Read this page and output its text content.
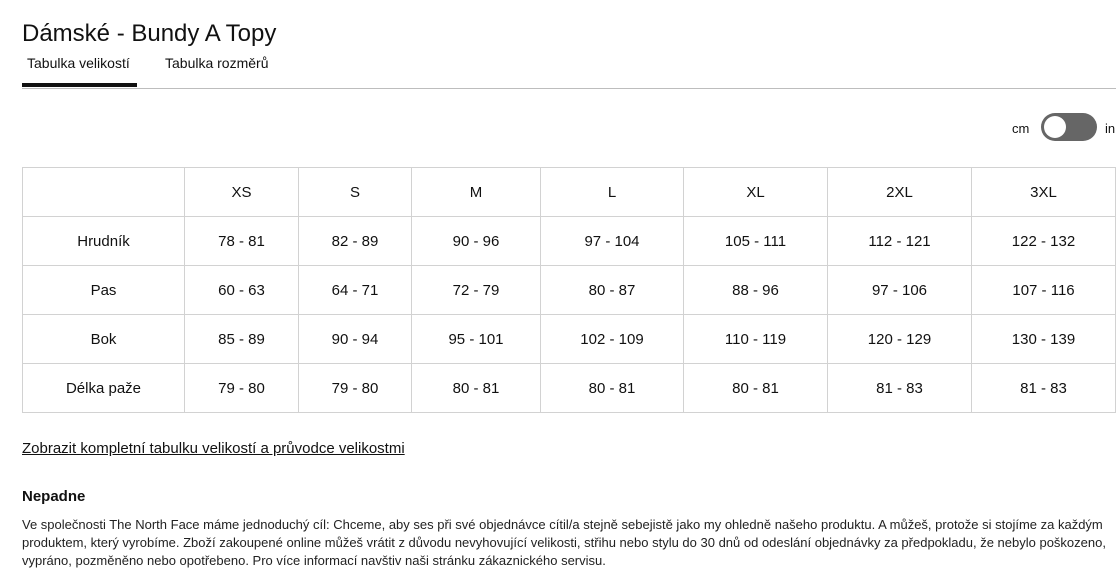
Dámské - Bundy A Topy
Tabulka velikostí	Tabulka rozměrů
cm	in
	XS	S	M	L	XL	2XL	3XL
Hrudník	78 - 81	82 - 89	90 - 96	97 - 104	105 - 111	112 - 121	122 - 132
Pas	60 - 63	64 - 71	72 - 79	80 - 87	88 - 96	97 - 106	107 - 116
Bok	85 - 89	90 - 94	95 - 101	102 - 109	110 - 119	120 - 129	130 - 139
Délka paže	79 - 80	79 - 80	80 - 81	80 - 81	80 - 81	81 - 83	81 - 83
Zobrazit kompletní tabulku velikostí a průvodce velikostmi
Nepadne

Ve společnosti The North Face máme jednoduchý cíl: Chceme, aby ses při své objednávce cítil/a stejně sebejistě jako my ohledně našeho produktu. A můžeš, protože si stojíme za každým produktem, který vyrobíme. Zboží zakoupené online můžeš vrátit z důvodu nevyhovující velikosti, střihu nebo stylu do 30 dnů od odeslání objednávky za předpokladu, že nebylo poškozeno, vypráno, pozměněno nebo opotřebeno. Pro více informací navštiv naši stránku zákaznického servisu.
